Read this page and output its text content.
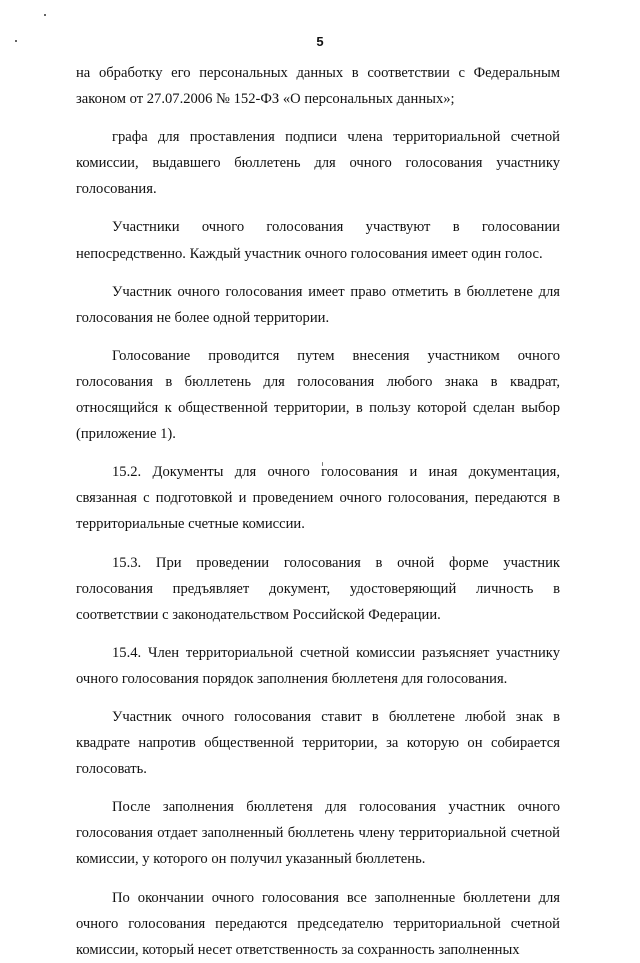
5

на обработку его персональных данных в соответствии с Федеральным законом от 27.07.2006 № 152-ФЗ «О персональных данных»;

графа для проставления подписи члена территориальной счетной комиссии, выдавшего бюллетень для очного голосования участнику голосования.

Участники очного голосования участвуют в голосовании непосредственно. Каждый участник очного голосования имеет один голос.

Участник очного голосования имеет право отметить в бюллетене для голосования не более одной территории.

Голосование проводится путем внесения участником очного голосования в бюллетень для голосования любого знака в квадрат, относящийся к общественной территории, в пользу которой сделан выбор (приложение 1).

15.2. Документы для очного голосования и иная документация, связанная с подготовкой и проведением очного голосования, передаются в территориальные счетные комиссии.

15.3. При проведении голосования в очной форме участник голосования предъявляет документ, удостоверяющий личность в соответствии с законодательством Российской Федерации.

15.4. Член территориальной счетной комиссии разъясняет участнику очного голосования порядок заполнения бюллетеня для голосования.

Участник очного голосования ставит в бюллетене любой знак в квадрате напротив общественной территории, за которую он собирается голосовать.

После заполнения бюллетеня для голосования участник очного голосования отдает заполненный бюллетень члену территориальной счетной комиссии, у которого он получил указанный бюллетень.

По окончании очного голосования все заполненные бюллетени для очного голосования передаются председателю территориальной счетной комиссии, который несет ответственность за сохранность заполненных
